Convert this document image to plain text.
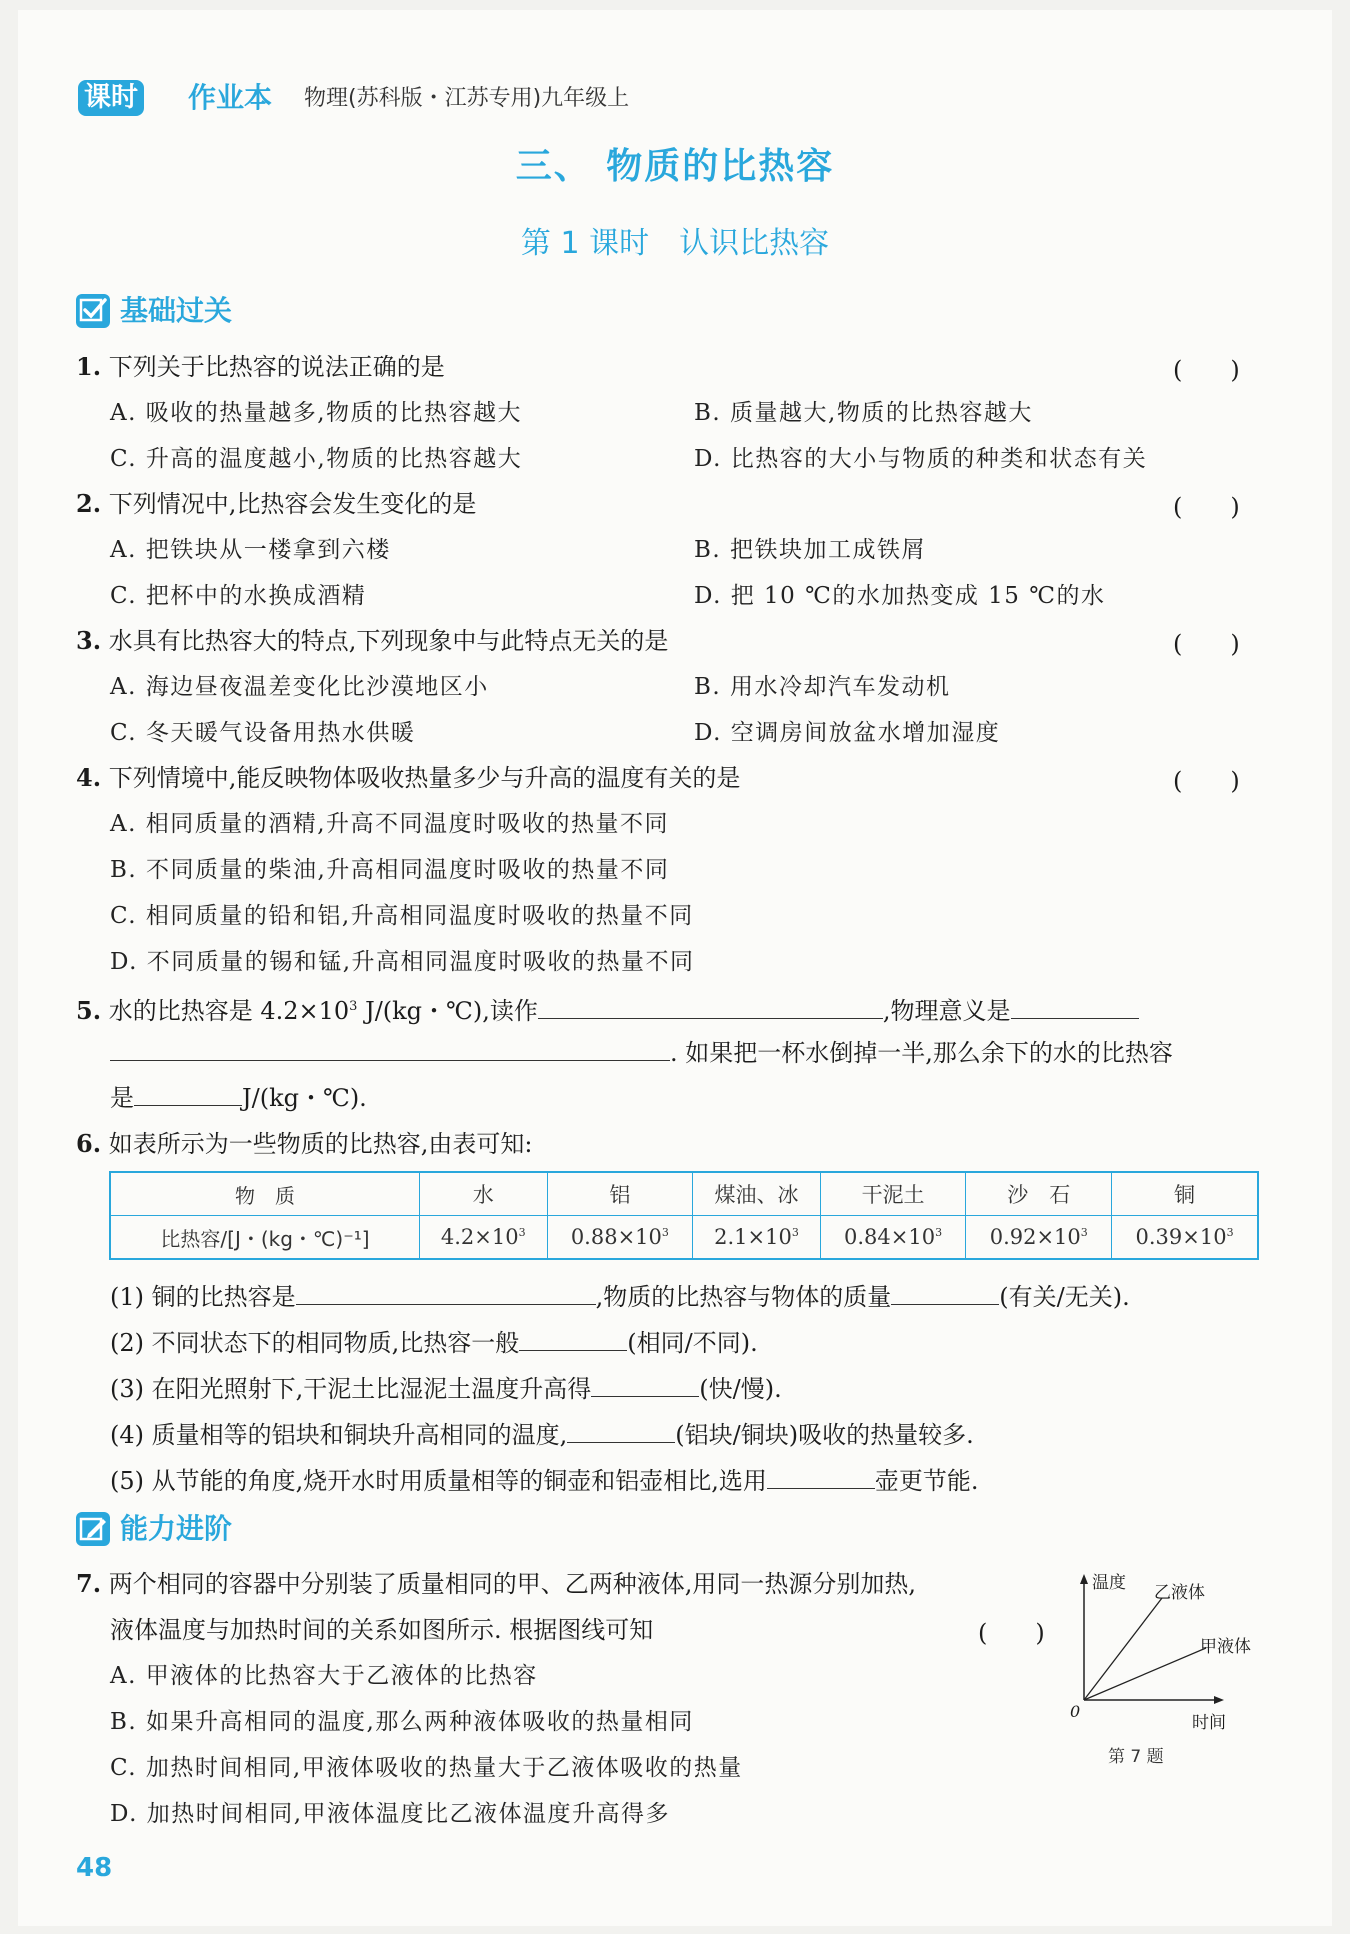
课时 作业本 物理(苏科版・江苏专用)九年级上
三、 物质的比热容
第 1 课时　认识比热容
基础过关
1. 下列关于比热容的说法正确的是	(　　)
A. 吸收的热量越多,物质的比热容越大	B. 质量越大,物质的比热容越大
C. 升高的温度越小,物质的比热容越大	D. 比热容的大小与物质的种类和状态有关
2. 下列情况中,比热容会发生变化的是	(　　)
A. 把铁块从一楼拿到六楼	B. 把铁块加工成铁屑
C. 把杯中的水换成酒精	D. 把 10 ℃的水加热变成 15 ℃的水
3. 水具有比热容大的特点,下列现象中与此特点无关的是	(　　)
A. 海边昼夜温差变化比沙漠地区小	B. 用水冷却汽车发动机
C. 冬天暖气设备用热水供暖	D. 空调房间放盆水增加湿度
4. 下列情境中,能反映物体吸收热量多少与升高的温度有关的是	(　　)
A. 相同质量的酒精,升高不同温度时吸收的热量不同
B. 不同质量的柴油,升高相同温度时吸收的热量不同
C. 相同质量的铅和铝,升高相同温度时吸收的热量不同
D. 不同质量的锡和锰,升高相同温度时吸收的热量不同
5. 水的比热容是 $4.2\times 10^3$ J/(kg・℃),读作	,物理意义是
. 如果把一杯水倒掉一半,那么余下的水的比热容
是	J/(kg・℃).
6. 如表所示为一些物质的比热容,由表可知:
物　质	水	铝	煤油、冰	干泥土	沙　石	铜
比热容/[J・(kg・℃)⁻¹]	$4.2\times 10^3$	$0.88\times 10^3$	$2.1\times 10^3$	$0.84\times 10^3$	$0.92\times 10^3$	$0.39\times 10^3$
(1) 铜的比热容是	,物质的比热容与物体的质量	(有关/无关).
(2) 不同状态下的相同物质,比热容一般	(相同/不同).
(3) 在阳光照射下,干泥土比湿泥土温度升高得	(快/慢).
(4) 质量相等的铝块和铜块升高相同的温度,	(铝块/铜块)吸收的热量较多.
(5) 从节能的角度,烧开水时用质量相等的铜壶和铝壶相比,选用	壶更节能.
能力进阶
7. 两个相同的容器中分别装了质量相同的甲、乙两种液体,用同一热源分别加热,
液体温度与加热时间的关系如图所示. 根据图线可知	(　　)
A. 甲液体的比热容大于乙液体的比热容
B. 如果升高相同的温度,那么两种液体吸收的热量相同
C. 加热时间相同,甲液体吸收的热量大于乙液体吸收的热量
D. 加热时间相同,甲液体温度比乙液体温度升高得多
温度 乙液体
甲液体
0
时间
第 7 题
48
